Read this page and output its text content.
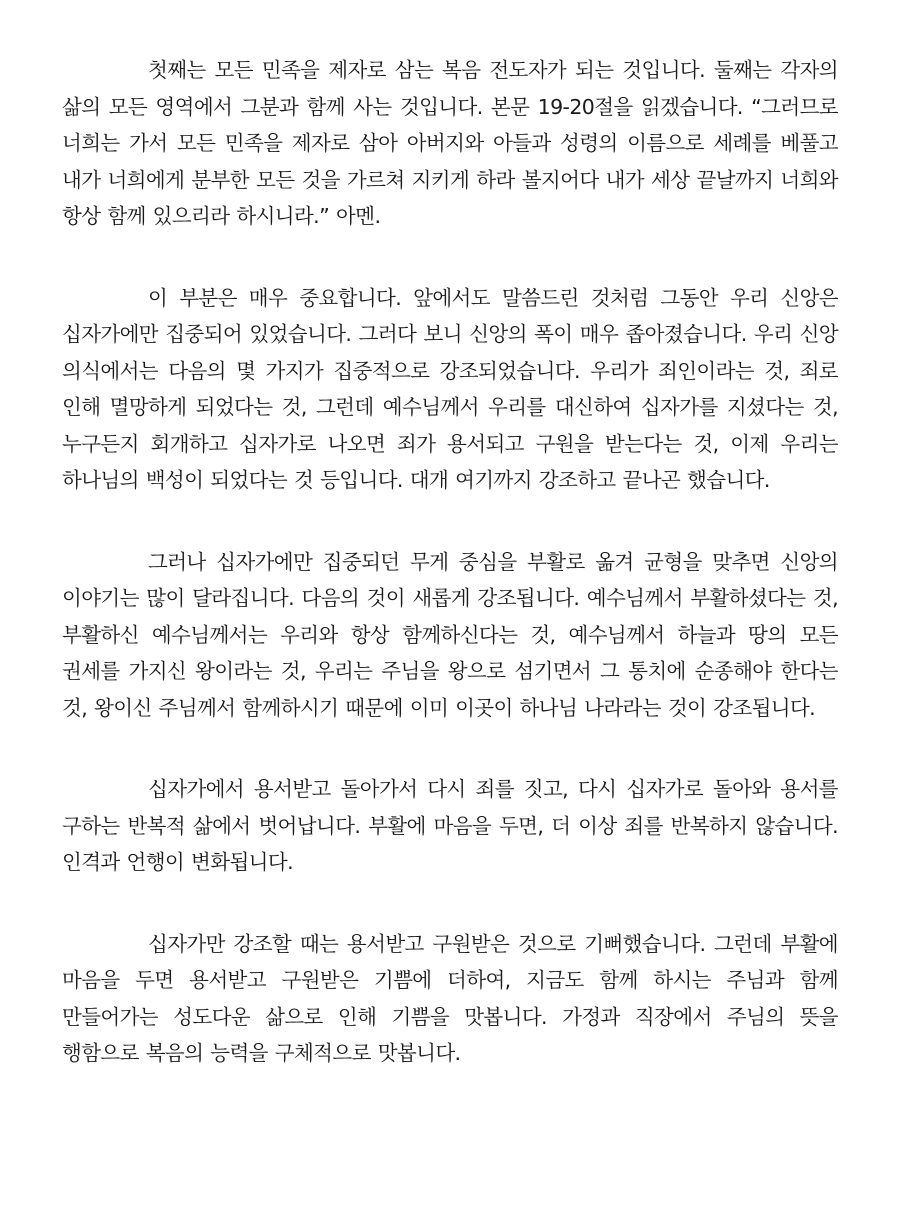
첫째는 모든 민족을 제자로 삼는 복음 전도자가 되는 것입니다. 둘째는 각자의 삶의 모든 영역에서 그분과 함께 사는 것입니다. 본문 19-20절을 읽겠습니다. “그러므로 너희는 가서 모든 민족을 제자로 삼아 아버지와 아들과 성령의 이름으로 세례를 베풀고 내가 너희에게 분부한 모든 것을 가르쳐 지키게 하라 볼지어다 내가 세상 끝날까지 너희와 항상 함께 있으리라 하시니라.” 아멘.

이 부분은 매우 중요합니다. 앞에서도 말씀드린 것처럼 그동안 우리 신앙은 십자가에만 집중되어 있었습니다. 그러다 보니 신앙의 폭이 매우 좁아졌습니다. 우리 신앙 의식에서는 다음의 몇 가지가 집중적으로 강조되었습니다. 우리가 죄인이라는 것, 죄로 인해 멸망하게 되었다는 것, 그런데 예수님께서 우리를 대신하여 십자가를 지셨다는 것, 누구든지 회개하고 십자가로 나오면 죄가 용서되고 구원을 받는다는 것, 이제 우리는 하나님의 백성이 되었다는 것 등입니다. 대개 여기까지 강조하고 끝나곤 했습니다.

그러나 십자가에만 집중되던 무게 중심을 부활로 옮겨 균형을 맞추면 신앙의 이야기는 많이 달라집니다. 다음의 것이 새롭게 강조됩니다. 예수님께서 부활하셨다는 것, 부활하신 예수님께서는 우리와 항상 함께하신다는 것, 예수님께서 하늘과 땅의 모든 권세를 가지신 왕이라는 것, 우리는 주님을 왕으로 섬기면서 그 통치에 순종해야 한다는 것, 왕이신 주님께서 함께하시기 때문에 이미 이곳이 하나님 나라라는 것이 강조됩니다.

십자가에서 용서받고 돌아가서 다시 죄를 짓고, 다시 십자가로 돌아와 용서를 구하는 반복적 삶에서 벗어납니다. 부활에 마음을 두면, 더 이상 죄를 반복하지 않습니다. 인격과 언행이 변화됩니다.

십자가만 강조할 때는 용서받고 구원받은 것으로 기뻐했습니다. 그런데 부활에 마음을 두면 용서받고 구원받은 기쁨에 더하여, 지금도 함께 하시는 주님과 함께 만들어가는 성도다운 삶으로 인해 기쁨을 맛봅니다. 가정과 직장에서 주님의 뜻을 행함으로 복음의 능력을 구체적으로 맛봅니다.
